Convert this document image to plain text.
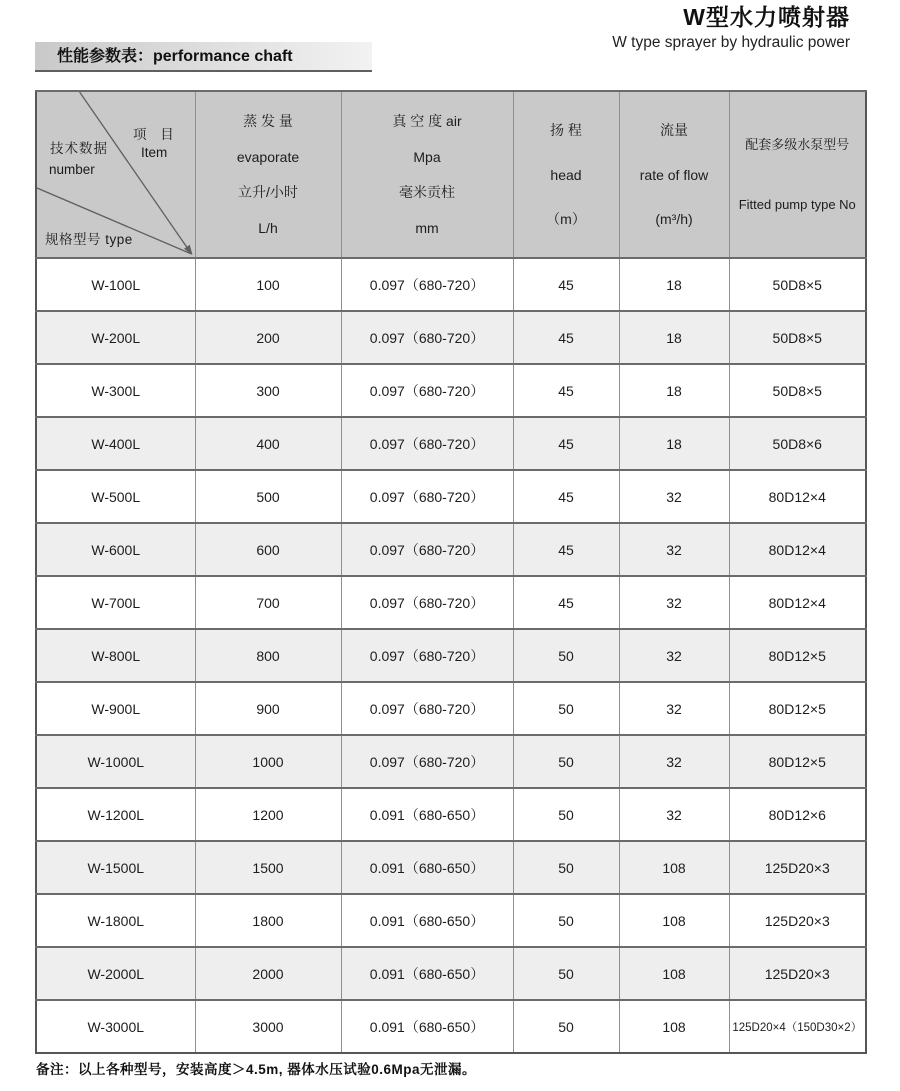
W型水力喷射器
W type sprayer by hydraulic power
性能参数表：performance chaft
项 目
Item
技术数据
number
规格型号 type

蒸 发 量
evaporate
立升/小时
L/h

真 空 度 air
Mpa
毫米贡柱
mm

扬 程
head
（m）

流量
rate of flow
(m³/h)

配套多级水泵型号
Fitted pump type No

W-100L	100	0.097（680-720）	45	18	50D8×5
W-200L	200	0.097（680-720）	45	18	50D8×5
W-300L	300	0.097（680-720）	45	18	50D8×5
W-400L	400	0.097（680-720）	45	18	50D8×6
W-500L	500	0.097（680-720）	45	32	80D12×4
W-600L	600	0.097（680-720）	45	32	80D12×4
W-700L	700	0.097（680-720）	45	32	80D12×4
W-800L	800	0.097（680-720）	50	32	80D12×5
W-900L	900	0.097（680-720）	50	32	80D12×5
W-1000L	1000	0.097（680-720）	50	32	80D12×5
W-1200L	1200	0.091（680-650）	50	32	80D12×6
W-1500L	1500	0.091（680-650）	50	108	125D20×3
W-1800L	1800	0.091（680-650）	50	108	125D20×3
W-2000L	2000	0.091（680-650）	50	108	125D20×3
W-3000L	3000	0.091（680-650）	50	108	125D20×4（150D30×2）
备注：以上各种型号，安装高度＞4.5m, 器体水压试验0.6Mpa无泄漏。
